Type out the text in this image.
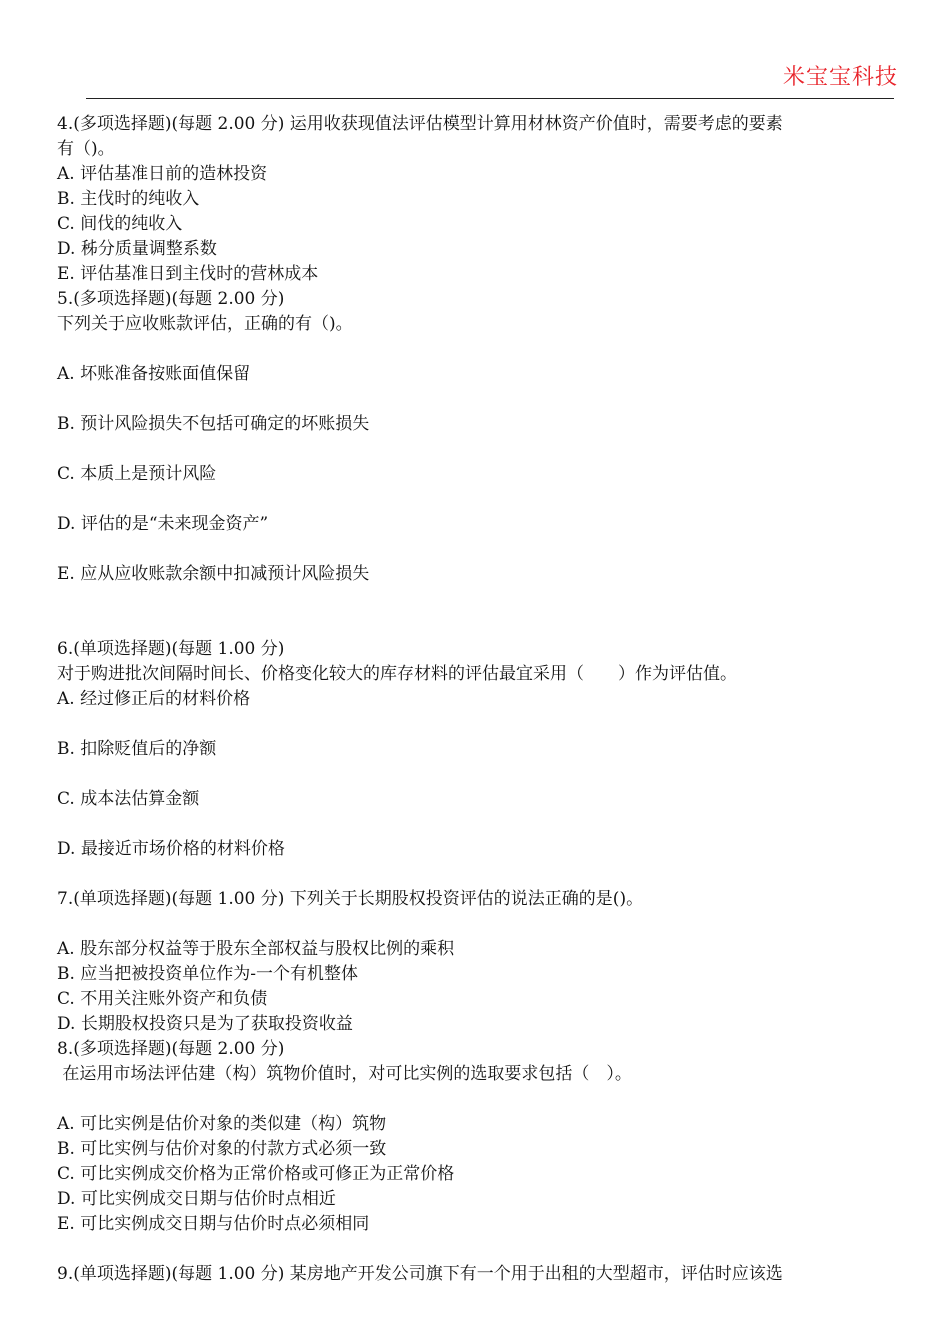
米宝宝科技
4.(多项选择题)(每题 2.00 分) 运用收获现值法评估模型计算用材林资产价值时，需要考虑的要素
有（)。
A. 评估基准日前的造林投资
B. 主伐时的纯收入
C. 间伐的纯收入
D. 秭分质量调整系数
E. 评估基准日到主伐时的营林成本
5.(多项选择题)(每题 2.00 分)
下列关于应收账款评估，正确的有（)。
A. 坏账准备按账面值保留
B. 预计风险损失不包括可确定的坏账损失
C. 本质上是预计风险
D. 评估的是“未来现金资产”
E. 应从应收账款余额中扣减预计风险损失
6.(单项选择题)(每题 1.00 分)
对于购进批次间隔时间长、价格变化较大的库存材料的评估最宜采用（　　）作为评估值。
A. 经过修正后的材料价格
B. 扣除贬值后的净额
C. 成本法估算金额
D. 最接近市场价格的材料价格
7.(单项选择题)(每题 1.00 分) 下列关于长期股权投资评估的说法正确的是()。
A. 股东部分权益等于股东全部权益与股权比例的乘积
B. 应当把被投资单位作为-一个有机整体
C. 不用关注账外资产和负债
D. 长期股权投资只是为了获取投资收益
8.(多项选择题)(每题 2.00 分)
在运用市场法评估建（构）筑物价值时，对可比实例的选取要求包括（　）。
A. 可比实例是估价对象的类似建（构）筑物
B. 可比实例与估价对象的付款方式必须一致
C. 可比实例成交价格为正常价格或可修正为正常价格
D. 可比实例成交日期与估价时点相近
E. 可比实例成交日期与估价时点必须相同
9.(单项选择题)(每题 1.00 分) 某房地产开发公司旗下有一个用于出租的大型超市，评估时应该选
